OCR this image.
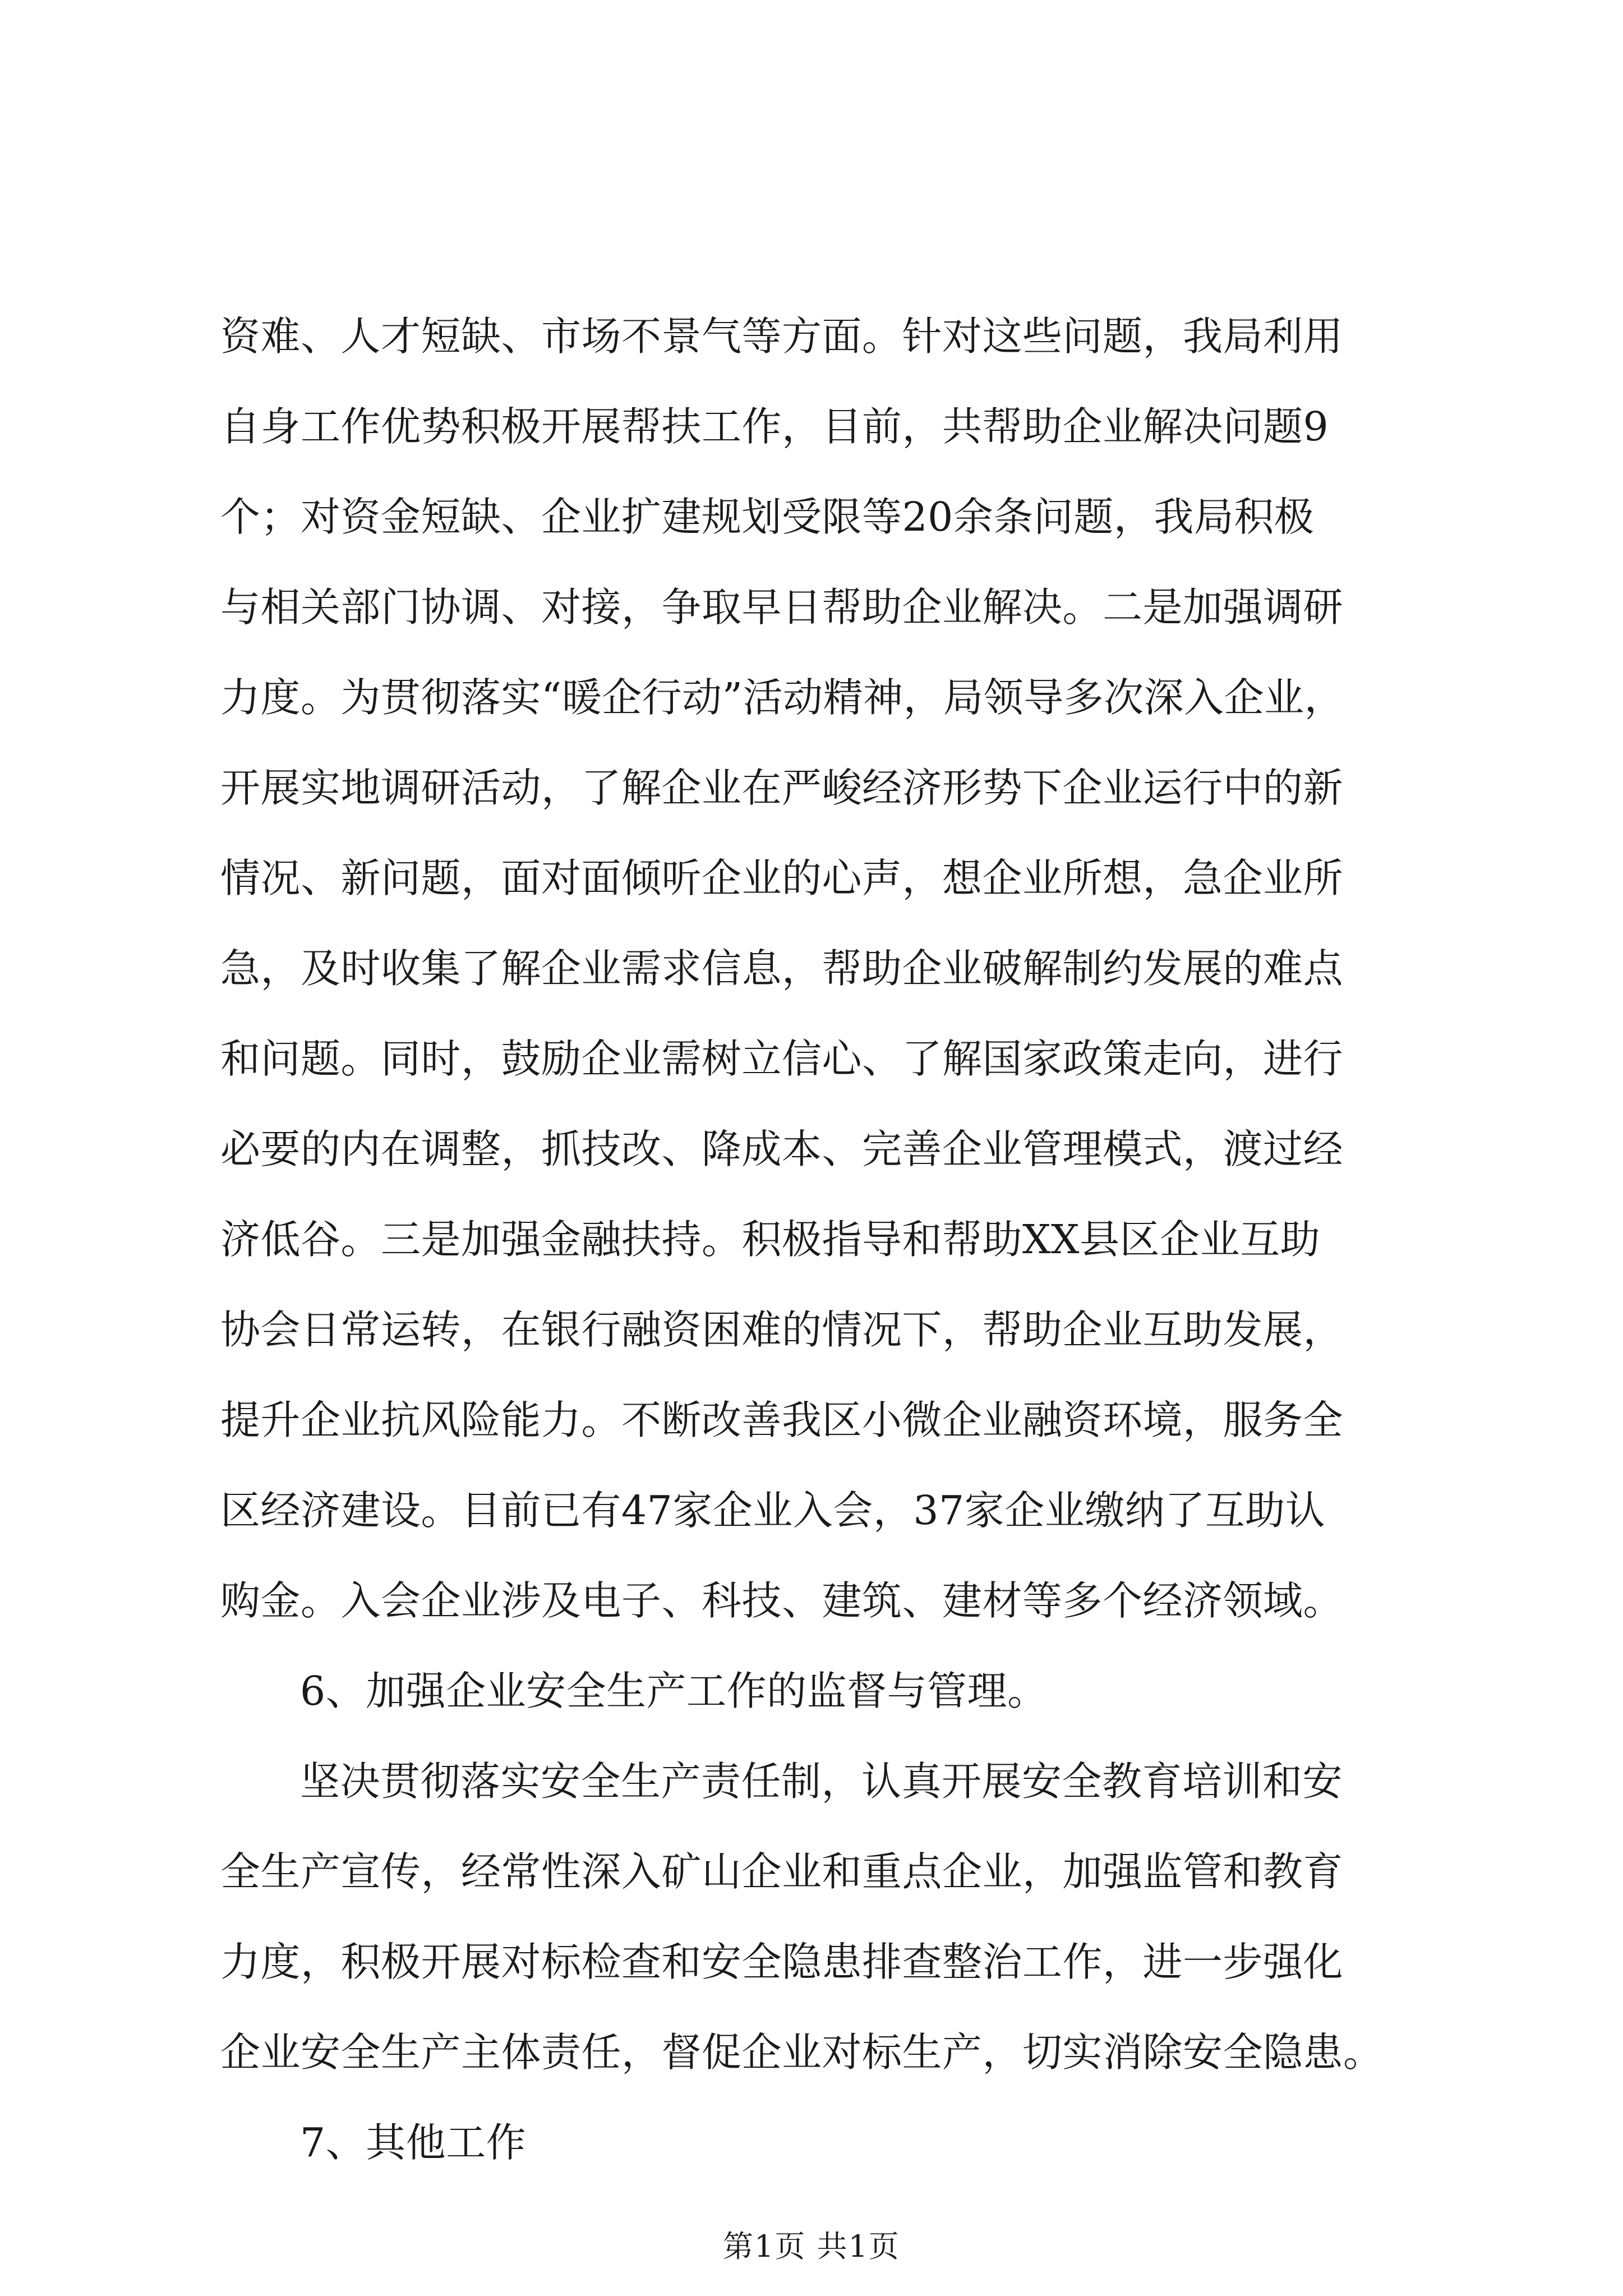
资难、人才短缺、市场不景气等方面。针对这些问题，我局利用
自身工作优势积极开展帮扶工作，目前，共帮助企业解决问题9
个；对资金短缺、企业扩建规划受限等20余条问题，我局积极
与相关部门协调、对接，争取早日帮助企业解决。二是加强调研
力度。为贯彻落实“暖企行动”活动精神，局领导多次深入企业，
开展实地调研活动，了解企业在严峻经济形势下企业运行中的新
情况、新问题，面对面倾听企业的心声，想企业所想，急企业所
急，及时收集了解企业需求信息，帮助企业破解制约发展的难点
和问题。同时，鼓励企业需树立信心、了解国家政策走向，进行
必要的内在调整，抓技改、降成本、完善企业管理模式，渡过经
济低谷。三是加强金融扶持。积极指导和帮助XX县区企业互助
协会日常运转，在银行融资困难的情况下，帮助企业互助发展，
提升企业抗风险能力。不断改善我区小微企业融资环境，服务全
区经济建设。目前已有47家企业入会，37家企业缴纳了互助认
购金。入会企业涉及电子、科技、建筑、建材等多个经济领域。
6、加强企业安全生产工作的监督与管理。
坚决贯彻落实安全生产责任制，认真开展安全教育培训和安
全生产宣传，经常性深入矿山企业和重点企业，加强监管和教育
力度，积极开展对标检查和安全隐患排查整治工作，进一步强化
企业安全生产主体责任，督促企业对标生产，切实消除安全隐患。
7、其他工作
第1页 共1页
